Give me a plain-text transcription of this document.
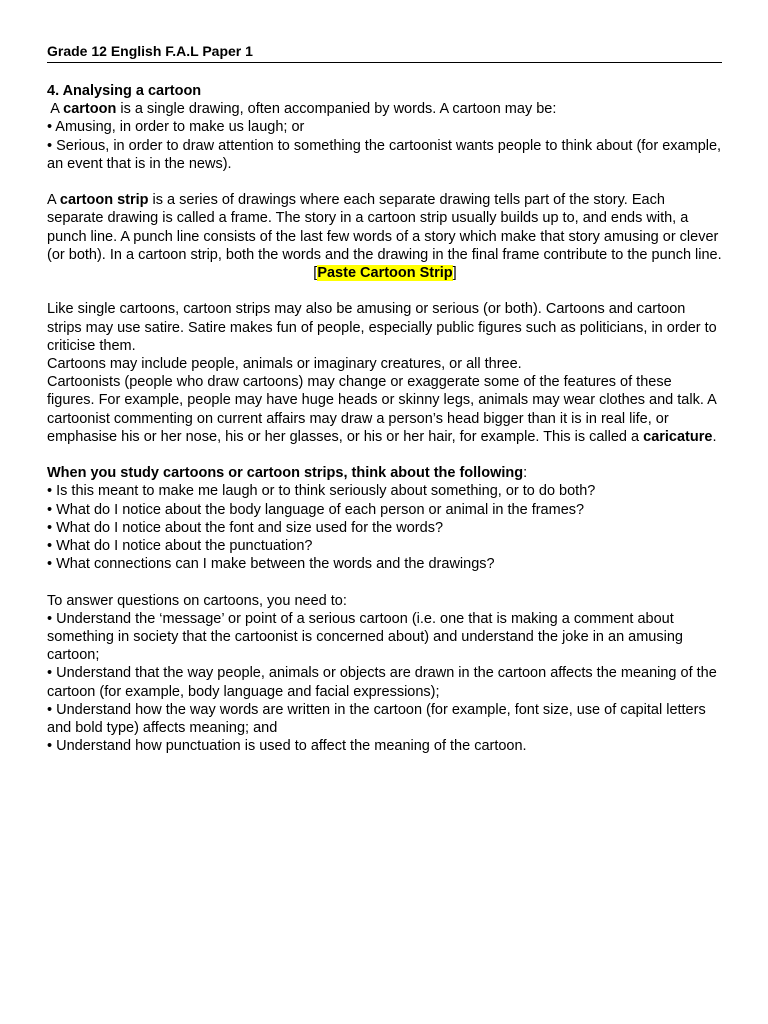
Grade 12 English F.A.L Paper 1

4. Analysing a cartoon

A cartoon is a single drawing, often accompanied by words. A cartoon may be:

• Amusing, in order to make us laugh; or

• Serious, in order to draw attention to something the cartoonist wants people to think about (for example, an event that is in the news).

A cartoon strip is a series of drawings where each separate drawing tells part of the story. Each separate drawing is called a frame. The story in a cartoon strip usually builds up to, and ends with, a punch line. A punch line consists of the last few words of a story which make that story amusing or clever (or both). In a cartoon strip, both the words and the drawing in the final frame contribute to the punch line.

[Paste Cartoon Strip]

Like single cartoons, cartoon strips may also be amusing or serious (or both). Cartoons and cartoon strips may use satire. Satire makes fun of people, especially public figures such as politicians, in order to criticise them.

Cartoons may include people, animals or imaginary creatures, or all three.

Cartoonists (people who draw cartoons) may change or exaggerate some of the features of these figures. For example, people may have huge heads or skinny legs, animals may wear clothes and talk. A cartoonist commenting on current affairs may draw a person’s head bigger than it is in real life, or emphasise his or her nose, his or her glasses, or his or her hair, for example. This is called a caricature.

When you study cartoons or cartoon strips, think about the following:

• Is this meant to make me laugh or to think seriously about something, or to do both?

• What do I notice about the body language of each person or animal in the frames?

• What do I notice about the font and size used for the words?

• What do I notice about the punctuation?

• What connections can I make between the words and the drawings?

To answer questions on cartoons, you need to:

• Understand the ‘message’ or point of a serious cartoon (i.e. one that is making a comment about something in society that the cartoonist is concerned about) and understand the joke in an amusing cartoon;

• Understand that the way people, animals or objects are drawn in the cartoon affects the meaning of the cartoon (for example, body language and facial expressions);

• Understand how the way words are written in the cartoon (for example, font size, use of capital letters and bold type) affects meaning; and

• Understand how punctuation is used to affect the meaning of the cartoon.
